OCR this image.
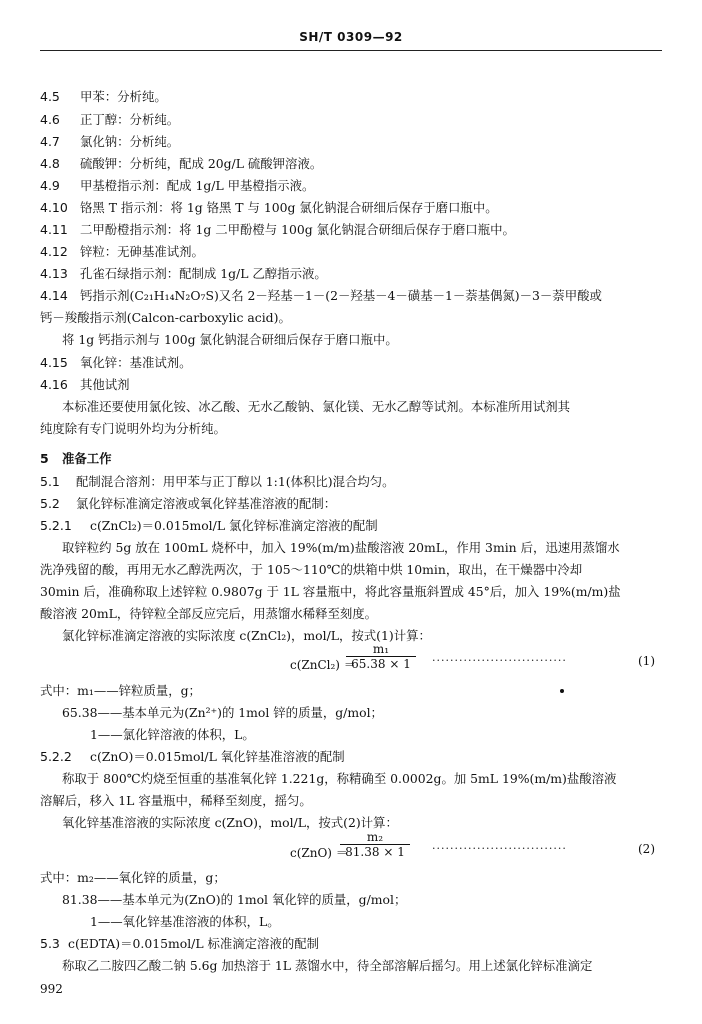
SH/T 0309—92
4.5 甲苯：分析纯。
4.6 正丁醇：分析纯。
4.7 氯化钠：分析纯。
4.8 硫酸钾：分析纯，配成 20g/L 硫酸钾溶液。
4.9 甲基橙指示剂：配成 1g/L 甲基橙指示液。
4.10 铬黑 T 指示剂：将 1g 铬黑 T 与 100g 氯化钠混合研细后保存于磨口瓶中。
4.11 二甲酚橙指示剂：将 1g 二甲酚橙与 100g 氯化钠混合研细后保存于磨口瓶中。
4.12 锌粒：无砷基准试剂。
4.13 孔雀石绿指示剂：配制成 1g/L 乙醇指示液。
4.14 钙指示剂(C₂₁H₁₄N₂O₇S)又名 2－羟基－1－(2－羟基－4－磺基－1－萘基偶氮)－3－萘甲酸或
钙－羧酸指示剂(Calcon-carboxylic acid)。
将 1g 钙指示剂与 100g 氯化钠混合研细后保存于磨口瓶中。
4.15 氧化锌：基准试剂。
4.16 其他试剂
本标准还要使用氯化铵、冰乙酸、无水乙酸钠、氯化镁、无水乙醇等试剂。本标准所用试剂其
纯度除有专门说明外均为分析纯。
5 准备工作
5.1 配制混合溶剂：用甲苯与正丁醇以 1:1(体积比)混合均匀。
5.2 氯化锌标准滴定溶液或氧化锌基准溶液的配制：
5.2.1 c(ZnCl₂)＝0.015mol/L 氯化锌标准滴定溶液的配制
取锌粒约 5g 放在 100mL 烧杯中，加入 19%(m/m)盐酸溶液 20mL，作用 3min 后，迅速用蒸馏水
洗净残留的酸，再用无水乙醇洗两次，于 105～110℃的烘箱中烘 10min，取出，在干燥器中冷却
30min 后，准确称取上述锌粒 0.9807g 于 1L 容量瓶中，将此容量瓶斜置成 45°后，加入 19%(m/m)盐
酸溶液 20mL，待锌粒全部反应完后，用蒸馏水稀释至刻度。
氯化锌标准滴定溶液的实际浓度 c(ZnCl₂)，mol/L，按式(1)计算：
c(ZnCl₂) ＝
$\frac{\text{m₁}}{65.38 \times 1}$ ······························	(1)
式中：m₁——锌粒质量，g；
65.38——基本单元为(Zn²⁺)的 1mol 锌的质量，g/mol；
1——氯化锌溶液的体积，L。
5.2.2 c(ZnO)＝0.015mol/L 氧化锌基准溶液的配制
称取于 800℃灼烧至恒重的基准氧化锌 1.221g，称精确至 0.0002g。加 5mL 19%(m/m)盐酸溶液
溶解后，移入 1L 容量瓶中，稀释至刻度，摇匀。
氧化锌基准溶液的实际浓度 c(ZnO)，mol/L，按式(2)计算：
c(ZnO) ＝
$\frac{\text{m₂}}{81.38 \times 1}$ ······························	(2)
式中：m₂——氧化锌的质量，g；
81.38——基本单元为(ZnO)的 1mol 氧化锌的质量，g/mol；
1——氧化锌基准溶液的体积，L。
5.3 c(EDTA)＝0.015mol/L 标准滴定溶液的配制
称取乙二胺四乙酸二钠 5.6g 加热溶于 1L 蒸馏水中，待全部溶解后摇匀。用上述氯化锌标准滴定
992
